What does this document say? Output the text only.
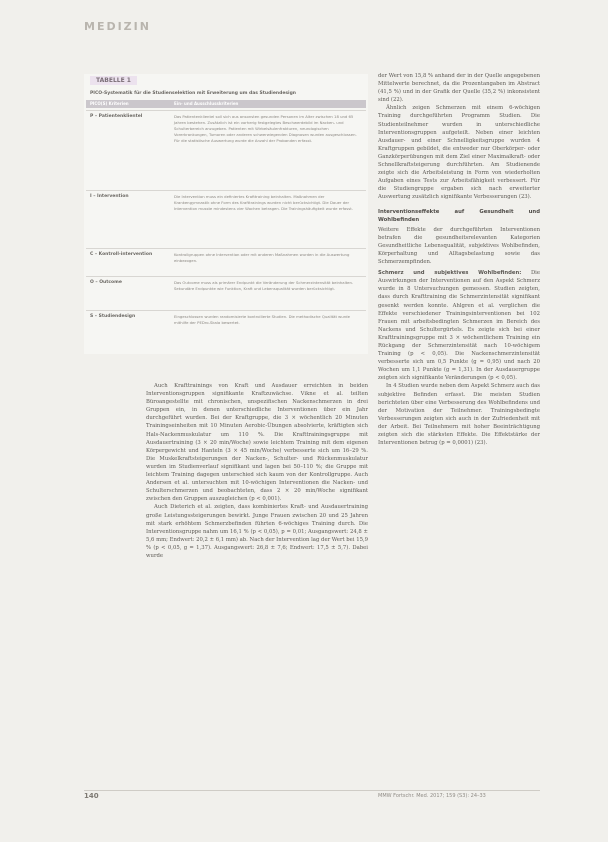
MEDIZIN
TABELLE 1
PICO-Systematik für die Studienselektion mit Erweiterung um das Studiendesign
PICO(S) Kriterien	Ein- und Ausschlusskriterien
P – Patientenklientel	Das Patientenklientel soll sich aus ansonsten gesunden Personen im Alter zwischen 18 und 65 Jahren bestehen. Zusätzlich ist ein vorherig festgelegtes Beschwerdebild im Nacken- und Schulterbereich anzugeben. Patienten mit Wirbelsäulenfrakturen, neurologischen Vorerkrankungen, Tumoren oder anderen schwerwiegenden Diagnosen wurden ausgeschlossen. Für die statistische Auswertung wurde die Anzahl der Probanden erfasst.
I – Intervention	Die Intervention muss ein definiertes Krafttraining beinhalten. Maßnahmen der Krankengymnastik ohne Form des Krafttrainings wurden nicht berücksichtigt. Die Dauer der Intervention musste mindestens vier Wochen betragen. Die Trainingshäufigkeit wurde erfasst.
C – Kontroll-intervention	Kontrollgruppen ohne Intervention oder mit anderen Maßnahmen wurden in die Auswertung einbezogen.
O – Outcome	Das Outcome muss als primärer Endpunkt die Veränderung der Schmerzintensität beinhalten. Sekundäre Endpunkte wie Funktion, Kraft und Lebensqualität wurden berücksichtigt.
S – Studiendesign	Eingeschlossen wurden randomisierte kontrollierte Studien. Die methodische Qualität wurde mithilfe der PEDro-Skala bewertet.

Auch Krafttrainings von Kraft und Ausdauer erreichten in beiden Interventionsgruppen signifikante Kraftzuwächse. Vikne et al. teilten Büroangestellte mit chronischen, unspezifischen Nackenschmerzen in drei Gruppen ein, in denen unterschiedliche Interventionen über ein Jahr durchgeführt wurden. Bei der Kraftgruppe, die 3 × wöchentlich 20 Minuten Trainingseinheiten mit 10 Minuten Aerobic-Übungen absolvierte, kräftigten sich Hals-Nackenmuskulatur um 110 %. Die Krafttrainingsgruppe mit Ausdauertraining (3 × 20 min/Woche) sowie leichtem Training mit dem eigenen Körpergewicht und Hanteln (3 × 45 min/Woche) verbesserte sich um 16–29 %. Die Muskelkraftsteigerungen der Nacken-, Schulter- und Rückenmuskulatur wurden im Studienverlauf signifikant und lagen bei 50–110 %; die Gruppe mit leichtem Training dagegen unterschied sich kaum von der Kontrollgruppe. Auch Andersen et al. untersuchten mit 10-wöchigen Interventionen die Nacken- und Schulterschmerzen und beobachteten, dass 2 × 20 min/Woche signifikant zwischen den Gruppen auszugleichen (p < 0,001).

Auch Dieterich et al. zeigten, dass kombiniertes Kraft- und Ausdauertraining große Leistungssteigerungen bewirkt. Junge Frauen zwischen 20 und 25 Jahren mit stark erhöhtem Schmerzbefinden führten 6-wöchiges Training durch. Die Interventionsgruppe nahm um 16,1 % (p < 0,05), p = 0,01; Ausgangswert: 24,8 ± 5,6 mm; Endwert: 20,2 ± 6,1 mm) ab. Nach der Intervention lag der Wert bei 15,9 % (p < 0,05, g = 1,37). Ausgangswert: 26,8 ± 7,6; Endwert: 17,5 ± 5,7). Dabei wurde

der Wert von 15,8 % anhand der in der Quelle angegebenen Mittelwerte berechnet, da die Prozentangaben im Abstract (41,5 %) und in der Grafik der Quelle (35,2 %) inkonsistent sind (22).

Ähnlich zeigen Schmerzen mit einem 6-wöchigen Training durchgeführten Programm Studien. Die Studienteilnehmer wurden in unterschiedliche Interventionsgruppen aufgeteilt. Neben einer leichten Ausdauer- und einer Schnelligkeitsgruppe wurden 4 Kraftgruppen gebildet, die entweder nur Oberkörper- oder Ganzkörperübungen mit dem Ziel einer Maximalkraft- oder Schnellkraftsteigerung durchführten. Am Studienende zeigte sich die Arbeitsleistung in Form von wiederholten Aufgaben eines Tests zur Arbeitsfähigkeit verbessert. Für die Studiengruppe ergaben sich nach erweiterter Auswertung zusätzlich signifikante Verbesserungen (23).

Interventionseffekte auf Gesundheit und Wohlbefinden

Weitere Effekte der durchgeführten Interventionen betrafen die gesundheitsrelevanten Kategorien Gesundheitliche Lebensqualität, subjektives Wohlbefinden, Körperhaltung und Alltagsbelastung sowie das Schmerzempfinden.

Schmerz und subjektives Wohlbefinden: Die Auswirkungen der Interventionen auf den Aspekt Schmerz wurde in 8 Untersuchungen gemessen. Studien zeigten, dass durch Krafttraining die Schmerzintensität signifikant gesenkt werden konnte. Ahlgren et al. verglichen die Effekte verschiedener Trainingsinterventionen bei 102 Frauen mit arbeitsbedingten Schmerzen im Bereich des Nackens und Schultergürtels. Es zeigte sich bei einer Krafttrainingsgruppe mit 3 × wöchentlichem Training ein Rückgang der Schmerzintensität nach 10-wöchigem Training (p < 0,05). Die Nackenschmerzintensität verbesserte sich um 0,5 Punkte (g = 0,95) und nach 20 Wochen um 1,1 Punkte (g = 1,31). In der Ausdauergruppe zeigten sich signifikante Veränderungen (p < 0,05).

In 4 Studien wurde neben dem Aspekt Schmerz auch das subjektive Befinden erfasst. Die meisten Studien berichteten über eine Verbesserung des Wohlbefindens und der Motivation der Teilnehmer. Trainingsbedingte Verbesserungen zeigten sich auch in der Zufriedenheit mit der Arbeit. Bei Teilnehmern mit hoher Beeinträchtigung zeigten sich die stärksten Effekte. Die Effektstärke der Interventionen betrug (p = 0,0001) (23).

140	MMW Fortschr. Med. 2017; 159 (S3): 24–33
